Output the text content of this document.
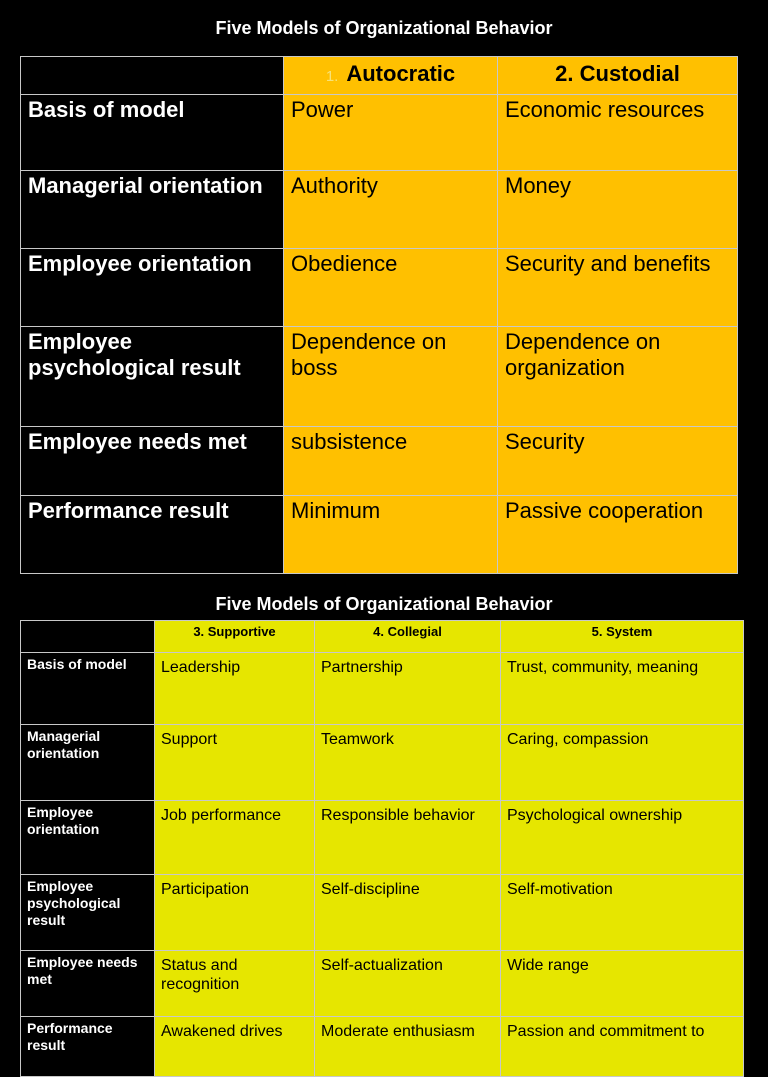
Five Models of Organizational Behavior
	1. Autocratic	2. Custodial
Basis of model	Power	Economic resources
Managerial orientation	Authority	Money
Employee orientation	Obedience	Security and benefits
Employee psychological result	Dependence on boss	Dependence on organization
Employee needs met	subsistence	Security
Performance result	Minimum	Passive cooperation
Five Models of Organizational Behavior
	3. Supportive	4. Collegial	5. System
Basis of model	Leadership	Partnership	Trust, community, meaning
Managerial orientation	Support	Teamwork	Caring, compassion
Employee orientation	Job performance	Responsible behavior	Psychological ownership
Employee psychological result	Participation	Self-discipline	Self-motivation
Employee needs met	Status and recognition	Self-actualization	Wide range
Performance result	Awakened drives	Moderate enthusiasm	Passion and commitment to
